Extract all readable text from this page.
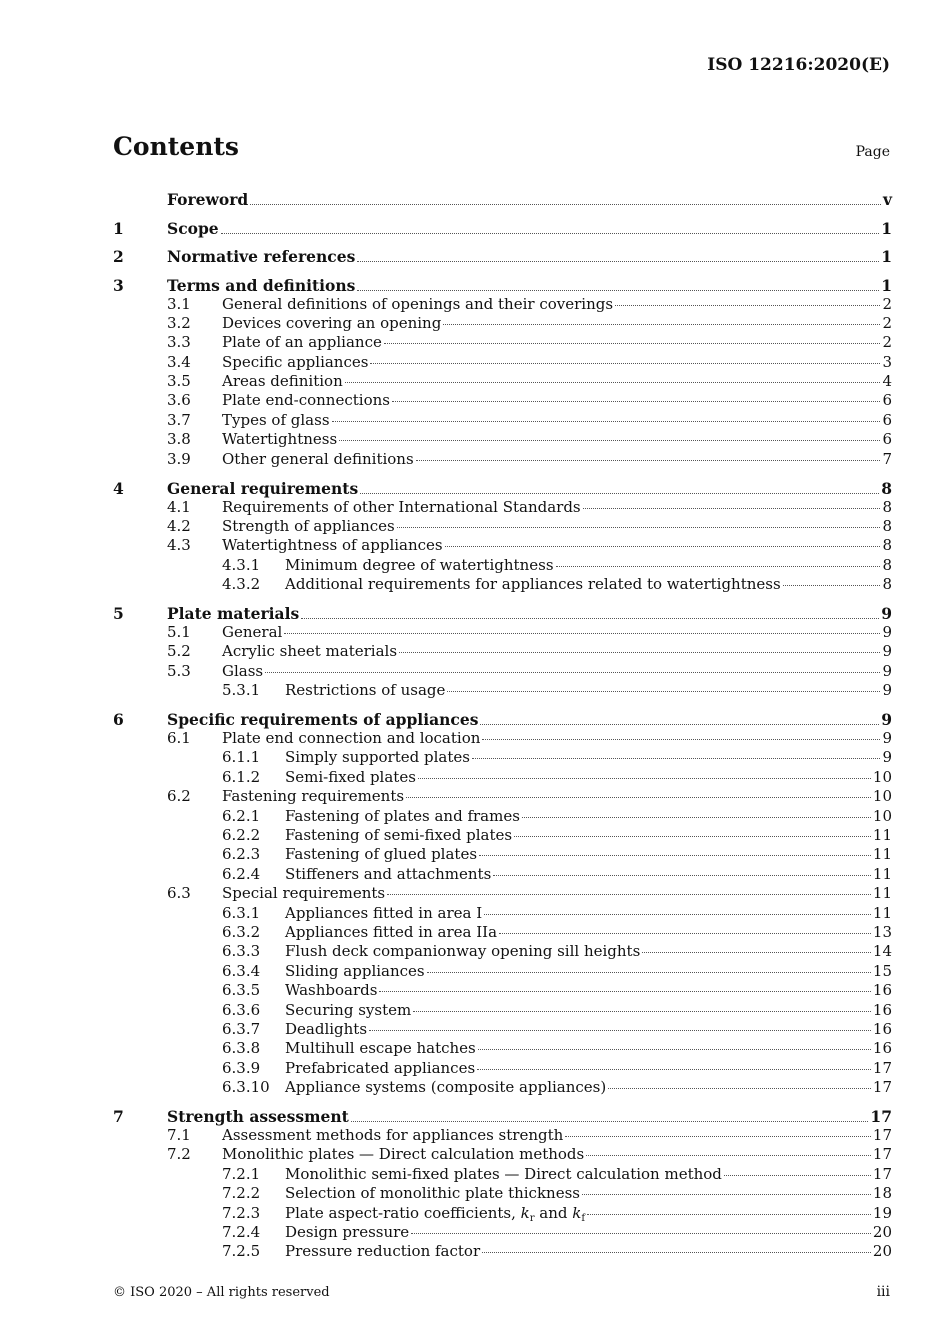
ISO 12216:2020(E)
Contents	Page
Foreword	v
1	Scope	1
2	Normative references	1
3	Terms and definitions	1
3.1	General definitions of openings and their coverings	2
3.2	Devices covering an opening	2
3.3	Plate of an appliance	2
3.4	Specific appliances	3
3.5	Areas definition	4
3.6	Plate end-connections	6
3.7	Types of glass	6
3.8	Watertightness	6
3.9	Other general definitions	7
4	General requirements	8
4.1	Requirements of other International Standards	8
4.2	Strength of appliances	8
4.3	Watertightness of appliances	8
4.3.1	Minimum degree of watertightness	8
4.3.2	Additional requirements for appliances related to watertightness	8
5	Plate materials	9
5.1	General	9
5.2	Acrylic sheet materials	9
5.3	Glass	9
5.3.1	Restrictions of usage	9
6	Specific requirements of appliances	9
6.1	Plate end connection and location	9
6.1.1	Simply supported plates	9
6.1.2	Semi-fixed plates	10
6.2	Fastening requirements	10
6.2.1	Fastening of plates and frames	10
6.2.2	Fastening of semi-fixed plates	11
6.2.3	Fastening of glued plates	11
6.2.4	Stiffeners and attachments	11
6.3	Special requirements	11
6.3.1	Appliances fitted in area I	11
6.3.2	Appliances fitted in area IIa	13
6.3.3	Flush deck companionway opening sill heights	14
6.3.4	Sliding appliances	15
6.3.5	Washboards	16
6.3.6	Securing system	16
6.3.7	Deadlights	16
6.3.8	Multihull escape hatches	16
6.3.9	Prefabricated appliances	17
6.3.10	Appliance systems (composite appliances)	17
7	Strength assessment	17
7.1	Assessment methods for appliances strength	17
7.2	Monolithic plates — Direct calculation methods	17
7.2.1	Monolithic semi-fixed plates — Direct calculation method	17
7.2.2	Selection of monolithic plate thickness	18
7.2.3	Plate aspect-ratio coefficients, $k_r$ and $k_f$	19
7.2.4	Design pressure	20
7.2.5	Pressure reduction factor	20
© ISO 2020 – All rights reserved	iii
